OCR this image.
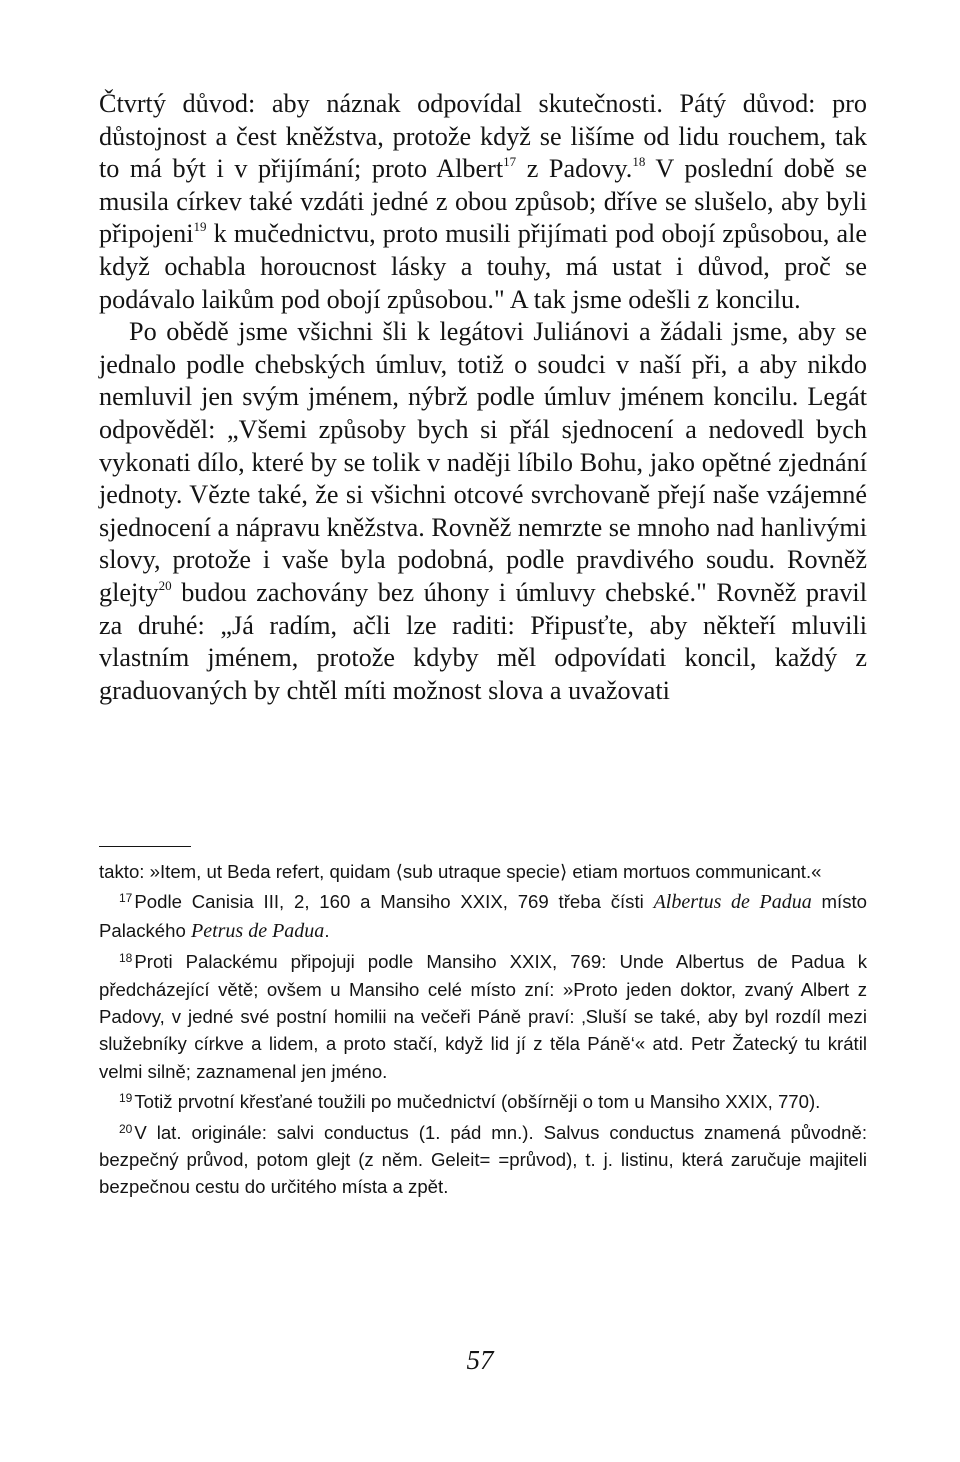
Čtvrtý důvod: aby náznak odpovídal skutečnosti. Pátý důvod: pro důstojnost a čest kněžstva, protože když se lišíme od lidu rouchem, tak to má být i v přijímání; proto Albert$^{17}$ z Padovy.$^{18}$ V poslední době se musila církev také vzdáti jedné z obou způsob; dříve se slušelo, aby byli připojeni$^{19}$ k mučednictvu, proto musili přijímati pod obojí způsobou, ale když ochabla horoucnost lásky a touhy, má ustat i důvod, proč se podávalo laikům pod obojí způsobou." A tak jsme odešli z koncilu.

Po obědě jsme všichni šli k legátovi Juliánovi a žádali jsme, aby se jednalo podle chebských úmluv, totiž o soudci v naší při, a aby nikdo nemluvil jen svým jménem, nýbrž podle úmluv jménem koncilu. Legát odpověděl: „Všemi způsoby bych si přál sjednocení a nedovedl bych vykonati dílo, které by se tolik v naději líbilo Bohu, jako opětné zjednání jednoty. Vězte také, že si všichni otcové svrchovaně přejí naše vzájemné sjednocení a nápravu kněžstva. Rovněž nemrzte se mnoho nad hanlivými slovy, protože i vaše byla podobná, podle pravdivého soudu. Rovněž glejty$^{20}$ budou zachovány bez úhony i úmluvy chebské." Rovněž pravil za druhé: „Já radím, ačli lze raditi: Připusťte, aby někteří mluvili vlastním jménem, protože kdyby měl odpovídati koncil, každý z graduovaných by chtěl míti možnost slova a uvažovati

takto: »Item, ut Beda refert, quidam ⟨sub utraque specie⟩ etiam mortuos communicant.«

$^{17}$ Podle Canisia III, 2, 160 a Mansiho XXIX, 769 třeba čísti Albertus de Padua místo Palackého Petrus de Padua.

$^{18}$ Proti Palackému připojuji podle Mansiho XXIX, 769: Unde Albertus de Padua k předcházející větě; ovšem u Mansiho celé místo zní: »Proto jeden doktor, zvaný Albert z Padovy, v jedné své postní homilii na večeři Páně praví: ‚Sluší se také, aby byl rozdíl mezi služebníky církve a lidem, a proto stačí, když lid jí z těla Páně‘« atd. Petr Žatecký tu krátil velmi silně; zaznamenal jen jméno.

$^{19}$ Totiž prvotní křesťané toužili po mučednictví (obšírněji o tom u Mansiho XXIX, 770).

$^{20}$ V lat. originále: salvi conductus (1. pád mn.). Salvus conductus znamená původně: bezpečný průvod, potom glejt (z něm. Geleit= =průvod), t. j. listinu, která zaručuje majiteli bezpečnou cestu do určitého místa a zpět.

57
